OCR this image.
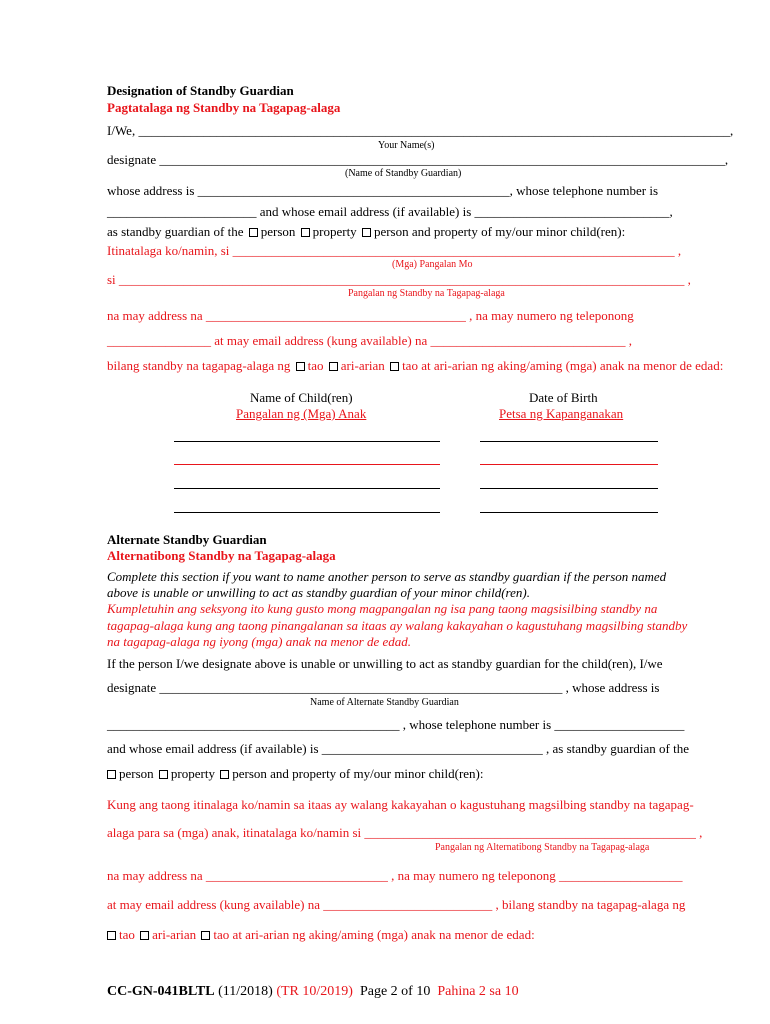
Designation of Standby Guardian
Pagtatalaga ng Standby na Tagapag-alaga
I/We, ___________________________________________________________________________________________,
Your Name(s)
designate _______________________________________________________________________________________,
(Name of Standby Guardian)
whose address is ________________________________________________, whose telephone number is
_______________________ and whose email address (if available) is ______________________________,
as standby guardian of the person property person and property of my/our minor child(ren):
Itinatalaga ko/namin, si ____________________________________________________________________ ,
(Mga) Pangalan Mo
si _______________________________________________________________________________________ ,
Pangalan ng Standby na Tagapag-alaga
na may address na ________________________________________ , na may numero ng teleponong
________________ at may email address (kung available) na ______________________________ ,
bilang standby na tagapag-alaga ng tao ari-arian tao at ari-arian ng aking/aming (mga) anak na menor de edad:
Name of Child(ren)
Pangalan ng (Mga) Anak
Date of Birth
Petsa ng Kapanganakan
Alternate Standby Guardian
Alternatibong Standby na Tagapag-alaga
Complete this section if you want to name another person to serve as standby guardian if the person named
above is unable or unwilling to act as standby guardian of your minor child(ren).
Kumpletuhin ang seksyong ito kung gusto mong magpangalan ng isa pang taong magsisilbing standby na
tagapag-alaga kung ang taong pinangalanan sa itaas ay walang kakayahan o kagustuhang magsilbing standby
na tagapag-alaga ng iyong (mga) anak na menor de edad.
If the person I/we designate above is unable or unwilling to act as standby guardian for the child(ren), I/we
designate ______________________________________________________________ , whose address is
Name of Alternate Standby Guardian
_____________________________________________ , whose telephone number is ____________________
and whose email address (if available) is __________________________________ , as standby guardian of the
person property person and property of my/our minor child(ren):
Kung ang taong itinalaga ko/namin sa itaas ay walang kakayahan o kagustuhang magsilbing standby na tagapag-
alaga para sa (mga) anak, itinatalaga ko/namin si ___________________________________________________ ,
Pangalan ng Alternatibong Standby na Tagapag-alaga
na may address na ____________________________ , na may numero ng teleponong ___________________
at may email address (kung available) na __________________________ , bilang standby na tagapag-alaga ng
tao ari-arian tao at ari-arian ng aking/aming (mga) anak na menor de edad:
CC-GN-041BLTL (11/2018) (TR 10/2019) Page 2 of 10 Pahina 2 sa 10
